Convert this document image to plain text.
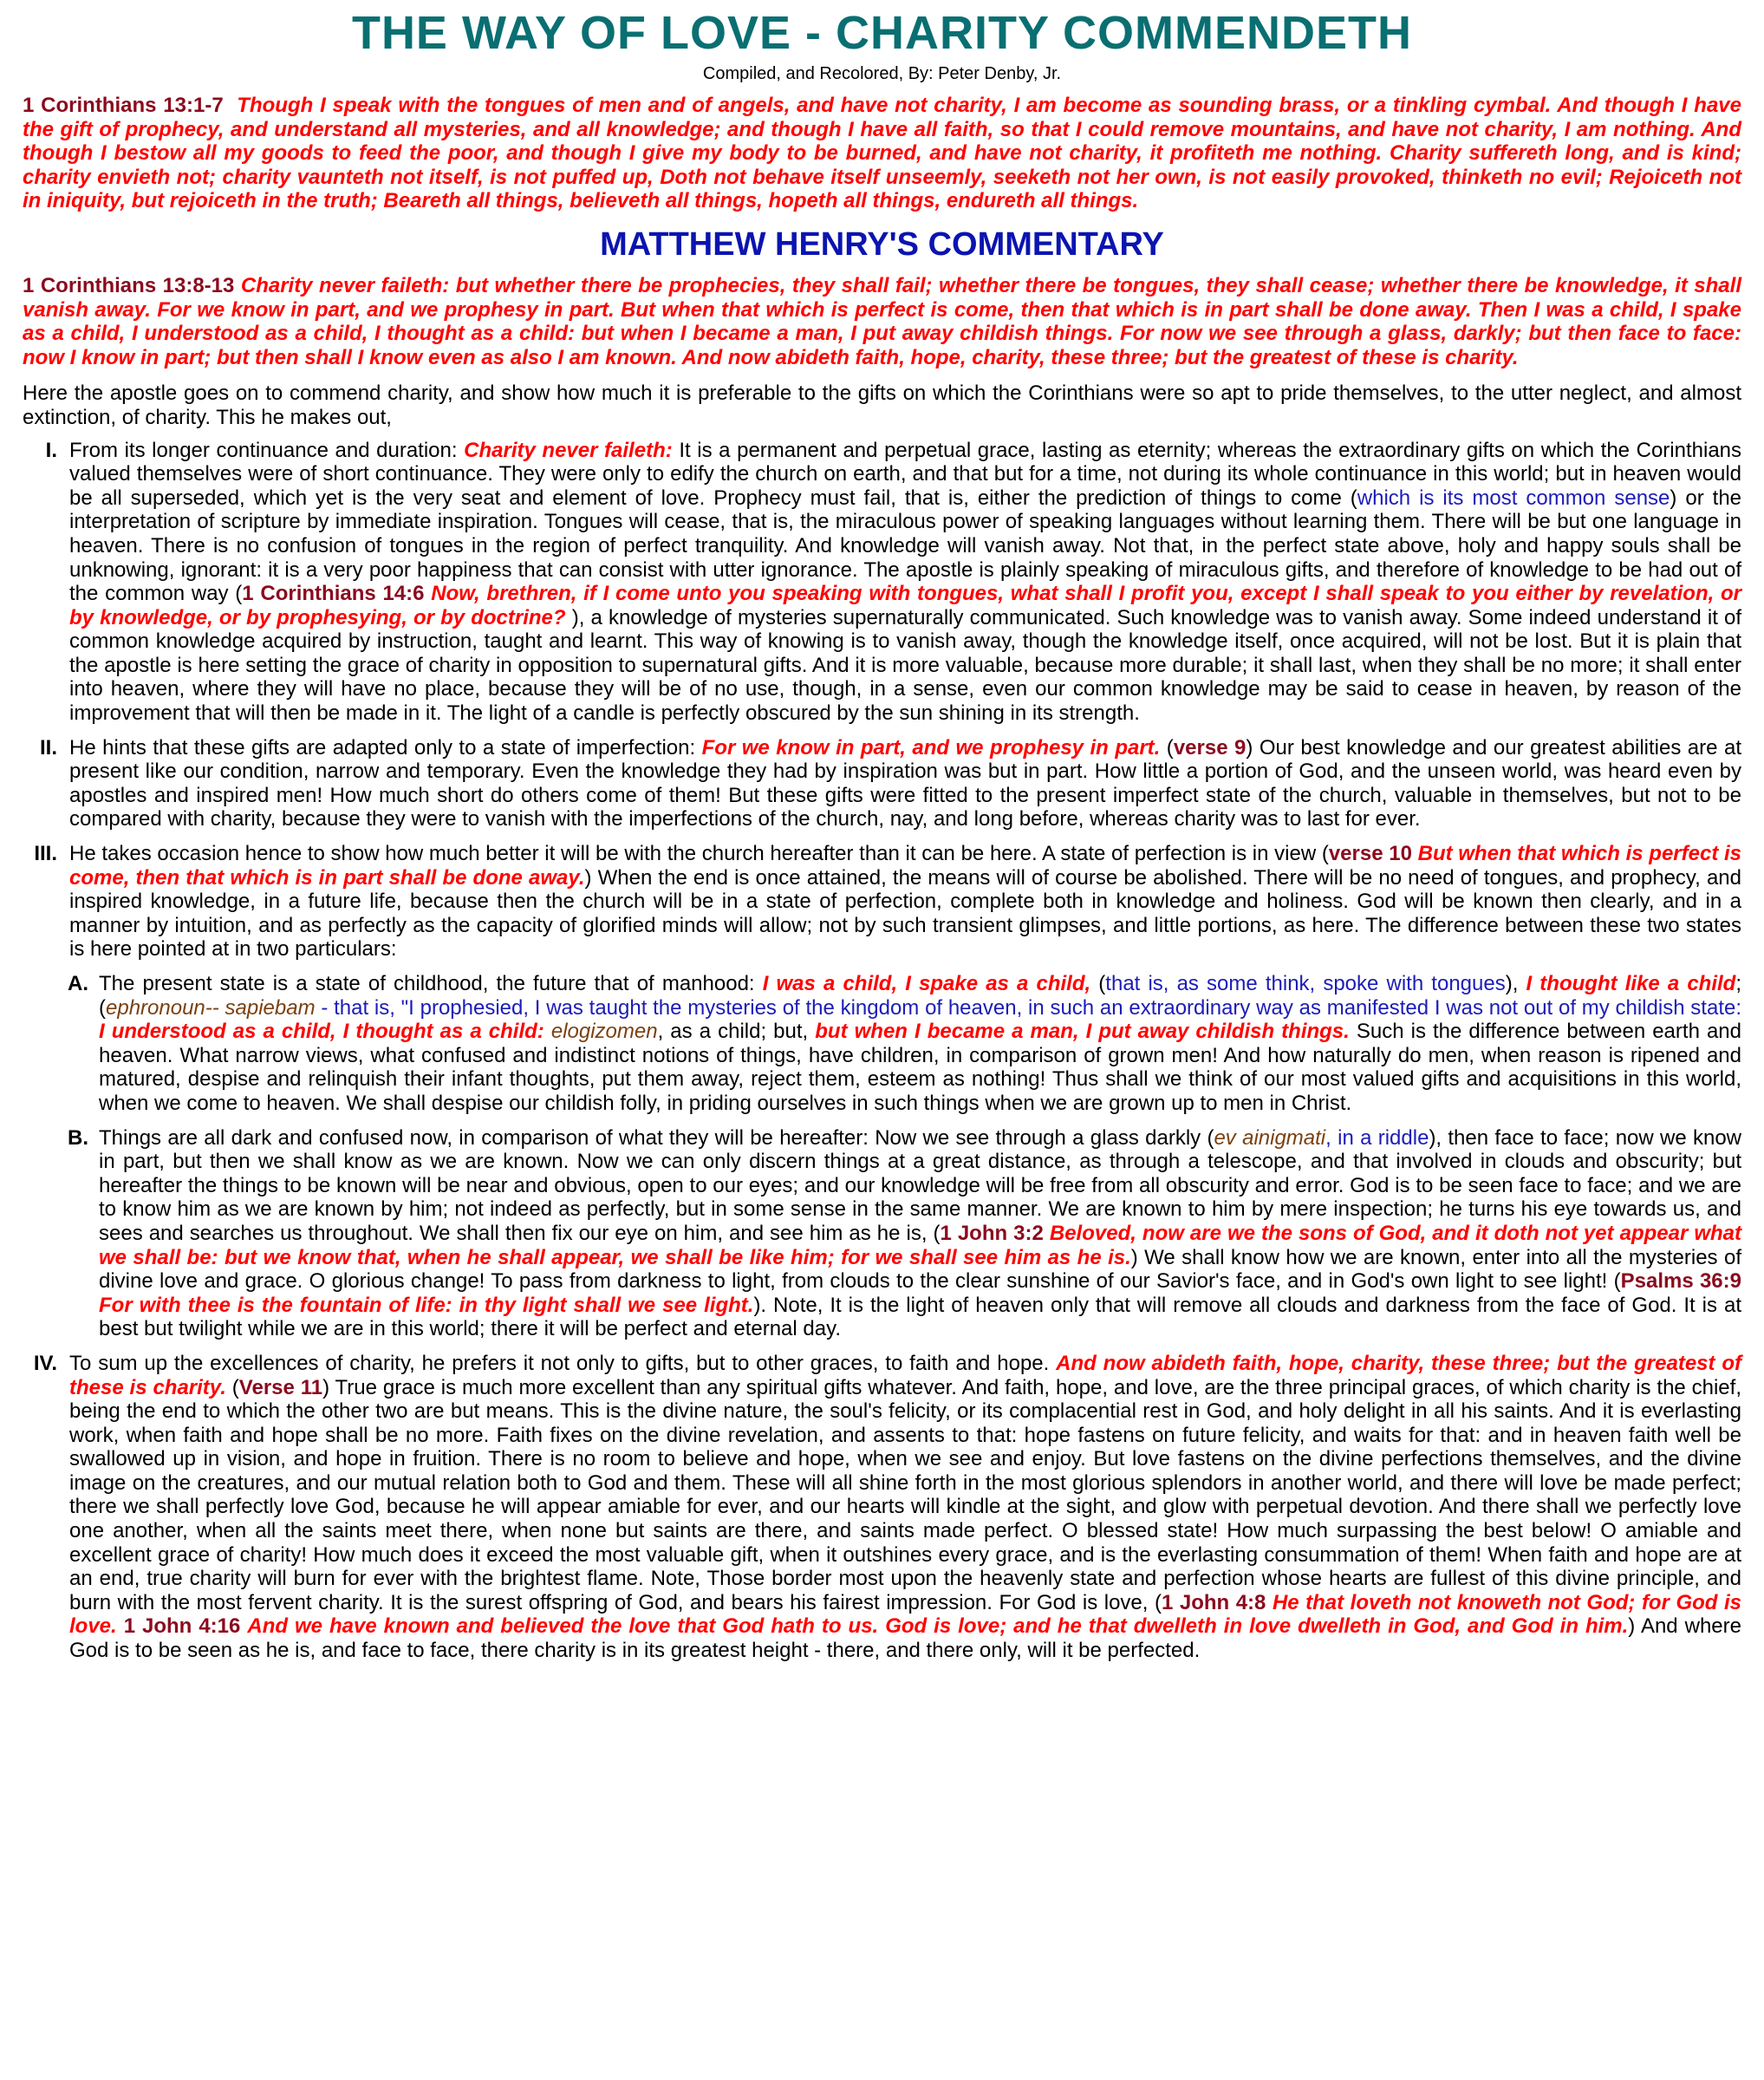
THE WAY OF LOVE - CHARITY COMMENDETH
Compiled, and Recolored, By: Peter Denby, Jr.

1 Corinthians 13:1-7 Though I speak with the tongues of men and of angels, and have not charity, I am become as sounding brass, or a tinkling cymbal. And though I have the gift of prophecy, and understand all mysteries, and all knowledge; and though I have all faith, so that I could remove mountains, and have not charity, I am nothing. And though I bestow all my goods to feed the poor, and though I give my body to be burned, and have not charity, it profiteth me nothing. Charity suffereth long, and is kind; charity envieth not; charity vaunteth not itself, is not puffed up, Doth not behave itself unseemly, seeketh not her own, is not easily provoked, thinketh no evil; Rejoiceth not in iniquity, but rejoiceth in the truth; Beareth all things, believeth all things, hopeth all things, endureth all things.

MATTHEW HENRY'S COMMENTARY

1 Corinthians 13:8-13 Charity never faileth: but whether there be prophecies, they shall fail; whether there be tongues, they shall cease; whether there be knowledge, it shall vanish away. For we know in part, and we prophesy in part. But when that which is perfect is come, then that which is in part shall be done away. Then I was a child, I spake as a child, I understood as a child, I thought as a child: but when I became a man, I put away childish things. For now we see through a glass, darkly; but then face to face: now I know in part; but then shall I know even as also I am known. And now abideth faith, hope, charity, these three; but the greatest of these is charity.

Here the apostle goes on to commend charity, and show how much it is preferable to the gifts on which the Corinthians were so apt to pride themselves, to the utter neglect, and almost extinction, of charity. This he makes out,

I. From its longer continuance and duration: Charity never faileth: It is a permanent and perpetual grace, lasting as eternity; whereas the extraordinary gifts on which the Corinthians valued themselves were of short continuance. They were only to edify the church on earth, and that but for a time, not during its whole continuance in this world; but in heaven would be all superseded, which yet is the very seat and element of love. Prophecy must fail, that is, either the prediction of things to come (which is its most common sense) or the interpretation of scripture by immediate inspiration. Tongues will cease, that is, the miraculous power of speaking languages without learning them. There will be but one language in heaven. There is no confusion of tongues in the region of perfect tranquility. And knowledge will vanish away. Not that, in the perfect state above, holy and happy souls shall be unknowing, ignorant: it is a very poor happiness that can consist with utter ignorance. The apostle is plainly speaking of miraculous gifts, and therefore of knowledge to be had out of the common way (1 Corinthians 14:6 Now, brethren, if I come unto you speaking with tongues, what shall I profit you, except I shall speak to you either by revelation, or by knowledge, or by prophesying, or by doctrine? ), a knowledge of mysteries supernaturally communicated. Such knowledge was to vanish away. Some indeed understand it of common knowledge acquired by instruction, taught and learnt. This way of knowing is to vanish away, though the knowledge itself, once acquired, will not be lost. But it is plain that the apostle is here setting the grace of charity in opposition to supernatural gifts. And it is more valuable, because more durable; it shall last, when they shall be no more; it shall enter into heaven, where they will have no place, because they will be of no use, though, in a sense, even our common knowledge may be said to cease in heaven, by reason of the improvement that will then be made in it. The light of a candle is perfectly obscured by the sun shining in its strength.
II. He hints that these gifts are adapted only to a state of imperfection: For we know in part, and we prophesy in part. (verse 9) Our best knowledge and our greatest abilities are at present like our condition, narrow and temporary. Even the knowledge they had by inspiration was but in part. How little a portion of God, and the unseen world, was heard even by apostles and inspired men! How much short do others come of them! But these gifts were fitted to the present imperfect state of the church, valuable in themselves, but not to be compared with charity, because they were to vanish with the imperfections of the church, nay, and long before, whereas charity was to last for ever.
III. He takes occasion hence to show how much better it will be with the church hereafter than it can be here. A state of perfection is in view (verse 10 But when that which is perfect is come, then that which is in part shall be done away.) When the end is once attained, the means will of course be abolished. There will be no need of tongues, and prophecy, and inspired knowledge, in a future life, because then the church will be in a state of perfection, complete both in knowledge and holiness. God will be known then clearly, and in a manner by intuition, and as perfectly as the capacity of glorified minds will allow; not by such transient glimpses, and little portions, as here. The difference between these two states is here pointed at in two particulars:
A. The present state is a state of childhood, the future that of manhood: I was a child, I spake as a child, (that is, as some think, spoke with tongues), I thought like a child; (ephronoun-- sapiebam - that is, "I prophesied, I was taught the mysteries of the kingdom of heaven, in such an extraordinary way as manifested I was not out of my childish state: I understood as a child, I thought as a child: elogizomen, as a child; but, but when I became a man, I put away childish things. Such is the difference between earth and heaven. What narrow views, what confused and indistinct notions of things, have children, in comparison of grown men! And how naturally do men, when reason is ripened and matured, despise and relinquish their infant thoughts, put them away, reject them, esteem as nothing! Thus shall we think of our most valued gifts and acquisitions in this world, when we come to heaven. We shall despise our childish folly, in priding ourselves in such things when we are grown up to men in Christ.
B. Things are all dark and confused now, in comparison of what they will be hereafter: Now we see through a glass darkly (ev ainigmati, in a riddle), then face to face; now we know in part, but then we shall know as we are known. Now we can only discern things at a great distance, as through a telescope, and that involved in clouds and obscurity; but hereafter the things to be known will be near and obvious, open to our eyes; and our knowledge will be free from all obscurity and error. God is to be seen face to face; and we are to know him as we are known by him; not indeed as perfectly, but in some sense in the same manner. We are known to him by mere inspection; he turns his eye towards us, and sees and searches us throughout. We shall then fix our eye on him, and see him as he is, (1 John 3:2 Beloved, now are we the sons of God, and it doth not yet appear what we shall be: but we know that, when he shall appear, we shall be like him; for we shall see him as he is.) We shall know how we are known, enter into all the mysteries of divine love and grace. O glorious change! To pass from darkness to light, from clouds to the clear sunshine of our Savior's face, and in God's own light to see light! (Psalms 36:9 For with thee is the fountain of life: in thy light shall we see light.). Note, It is the light of heaven only that will remove all clouds and darkness from the face of God. It is at best but twilight while we are in this world; there it will be perfect and eternal day.
IV. To sum up the excellences of charity, he prefers it not only to gifts, but to other graces, to faith and hope. And now abideth faith, hope, charity, these three; but the greatest of these is charity. (Verse 11) True grace is much more excellent than any spiritual gifts whatever. And faith, hope, and love, are the three principal graces, of which charity is the chief, being the end to which the other two are but means. This is the divine nature, the soul's felicity, or its complacential rest in God, and holy delight in all his saints. And it is everlasting work, when faith and hope shall be no more. Faith fixes on the divine revelation, and assents to that: hope fastens on future felicity, and waits for that: and in heaven faith well be swallowed up in vision, and hope in fruition. There is no room to believe and hope, when we see and enjoy. But love fastens on the divine perfections themselves, and the divine image on the creatures, and our mutual relation both to God and them. These will all shine forth in the most glorious splendors in another world, and there will love be made perfect; there we shall perfectly love God, because he will appear amiable for ever, and our hearts will kindle at the sight, and glow with perpetual devotion. And there shall we perfectly love one another, when all the saints meet there, when none but saints are there, and saints made perfect. O blessed state! How much surpassing the best below! O amiable and excellent grace of charity! How much does it exceed the most valuable gift, when it outshines every grace, and is the everlasting consummation of them! When faith and hope are at an end, true charity will burn for ever with the brightest flame. Note, Those border most upon the heavenly state and perfection whose hearts are fullest of this divine principle, and burn with the most fervent charity. It is the surest offspring of God, and bears his fairest impression. For God is love, (1 John 4:8 He that loveth not knoweth not God; for God is love. 1 John 4:16 And we have known and believed the love that God hath to us. God is love; and he that dwelleth in love dwelleth in God, and God in him.) And where God is to be seen as he is, and face to face, there charity is in its greatest height - there, and there only, will it be perfected.
